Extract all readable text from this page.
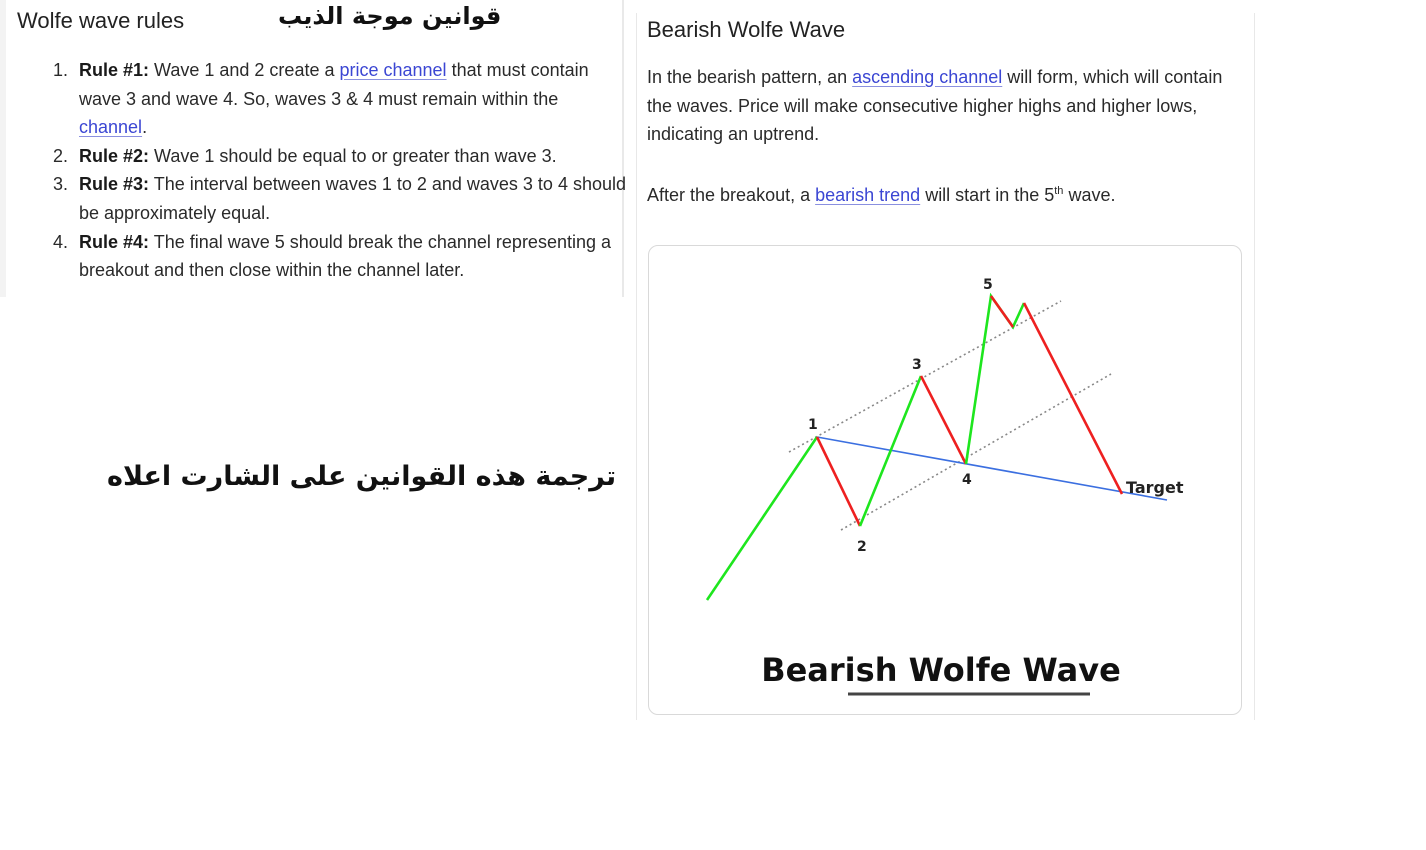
Wolfe wave rules	قوانين موجة الذيب
1. Rule #1: Wave 1 and 2 create a price channel that must contain wave 3 and wave 4. So, waves 3 & 4 must remain within the channel.
2. Rule #2: Wave 1 should be equal to or greater than wave 3.
3. Rule #3: The interval between waves 1 to 2 and waves 3 to 4 should be approximately equal.
4. Rule #4: The final wave 5 should break the channel representing a breakout and then close within the channel later.
ترجمة هذه القوانين على الشارت اعلاه
Bearish Wolfe Wave

In the bearish pattern, an ascending channel will form, which will contain the waves. Price will make consecutive higher highs and higher lows, indicating an uptrend.

After the breakout, a bearish trend will start in the 5th wave.

1
2
3
4
5
Target
Bearish Wolfe Wave
